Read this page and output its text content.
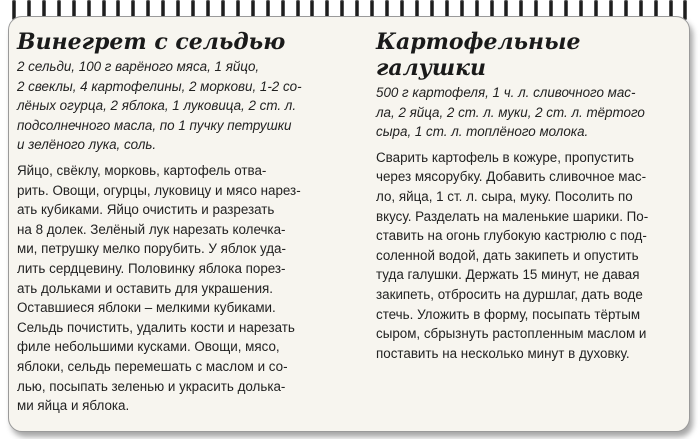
Винегрет с сельдью

2 сельди, 100 г варёного мяса, 1 яйцо,
2 свеклы, 4 картофелины, 2 моркови, 1-2 со-
лёных огурца, 2 яблока, 1 луковица, 2 ст. л.
подсолнечного масла, по 1 пучку петрушки
и зелёного лука, соль.

Яйцо, свёклу, морковь, картофель отва-
рить. Овощи, огурцы, луковицу и мясо нарез-
ать кубиками. Яйцо очистить и разрезать
на 8 долек. Зелёный лук нарезать колечка-
ми, петрушку мелко порубить. У яблок уда-
лить сердцевину. Половинку яблока порез-
ать дольками и оставить для украшения.
Оставшиеся яблоки – мелкими кубиками.
Сельдь почистить, удалить кости и нарезать
филе небольшими кусками. Овощи, мясо,
яблоки, сельдь перемешать с маслом и со-
лью, посыпать зеленью и украсить долька-
ми яйца и яблока.

Картофельные
галушки

500 г картофеля, 1 ч. л. сливочного мас-
ла, 2 яйца, 2 ст. л. муки, 2 ст. л. тёртого
сыра, 1 ст. л. топлёного молока.

Сварить картофель в кожуре, пропустить
через мясорубку. Добавить сливочное мас-
ло, яйца, 1 ст. л. сыра, муку. Посолить по
вкусу. Разделать на маленькие шарики. По-
ставить на огонь глубокую кастрюлю с под-
соленной водой, дать закипеть и опустить
туда галушки. Держать 15 минут, не давая
закипеть, отбросить на дуршлаг, дать воде
стечь. Уложить в форму, посыпать тёртым
сыром, сбрызнуть растопленным маслом и
поставить на несколько минут в духовку.
